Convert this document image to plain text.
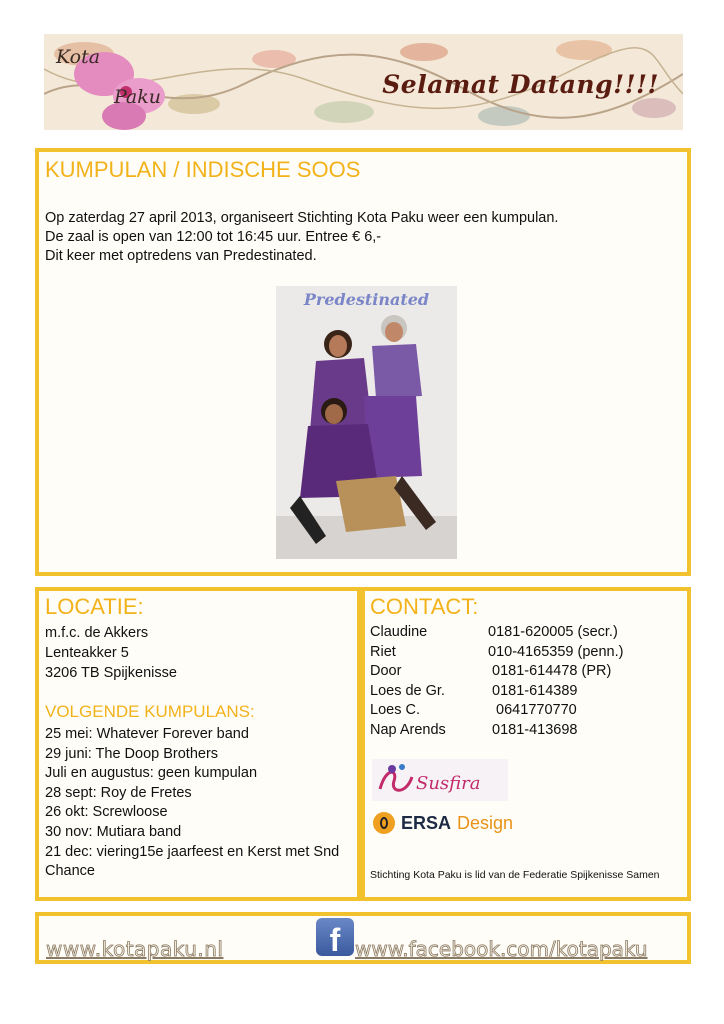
Kota
Paku	Selamat Datang!!!!
KUMPULAN / INDISCHE SOOS
Op zaterdag 27 april 2013, organiseert Stichting Kota Paku weer een kumpulan.
De zaal is open van 12:00 tot 16:45 uur. Entree € 6,-
Dit keer met optredens van Predestinated.
Predestinated
LOCATIE:
m.f.c. de Akkers
Lenteakker 5
3206 TB Spijkenisse
VOLGENDE KUMPULANS:
25 mei: Whatever Forever band
29 juni: The Doop Brothers
Juli en augustus: geen kumpulan
28 sept: Roy de Fretes
26 okt: Screwloose
30 nov: Mutiara band
21 dec: viering15e jaarfeest en Kerst met Snd Chance
CONTACT:
Claudine	0181-620005 (secr.)
Riet	010-4165359 (penn.)
Door	0181-614478 (PR)
Loes de Gr.	0181-614389
Loes C.	0641770770
Nap Arends	0181-413698
Susfira
ERSA Design
Stichting Kota Paku is lid van de Federatie Spijkenisse Samen
www.kotapaku.nl	f www.facebook.com/kotapaku
